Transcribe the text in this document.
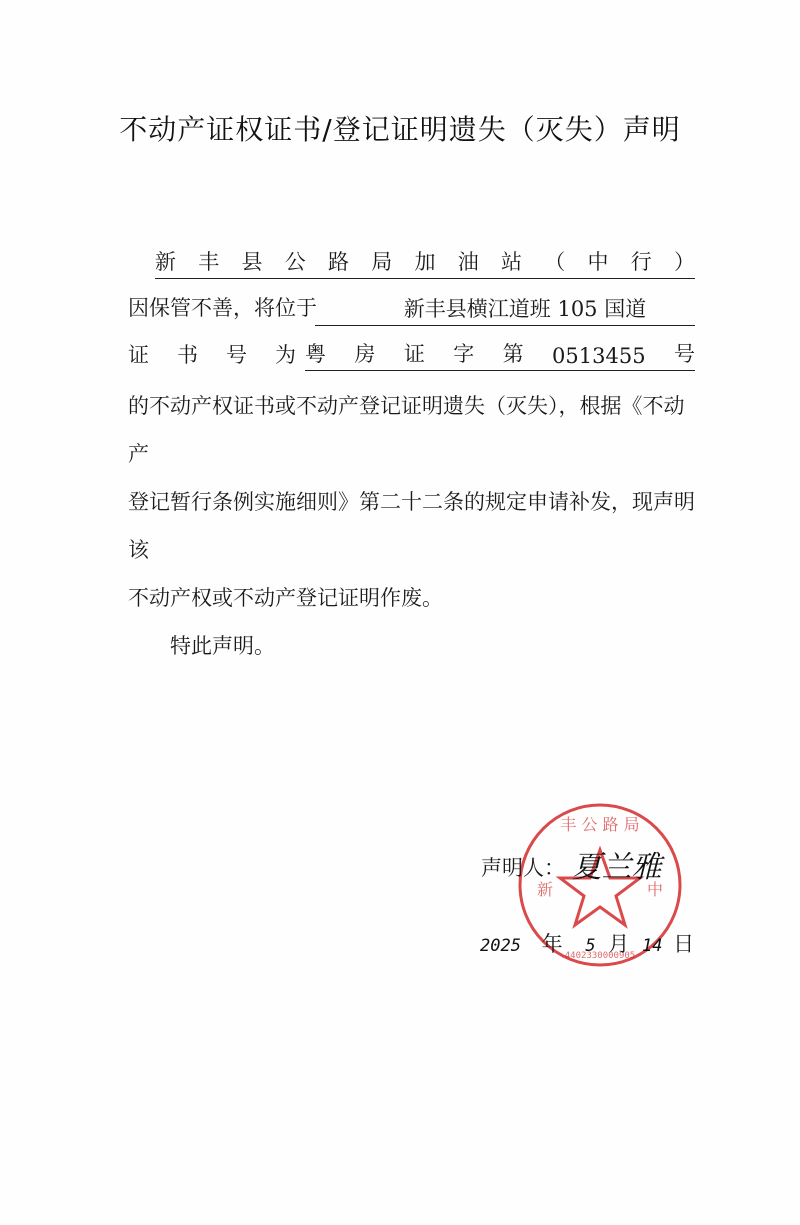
不动产证权证书/登记证明遗失（灭失）声明
新 丰 县 公 路 局 加 油 站 （ 中 行 ）
因保管不善，将位于	新丰县横江道班 105 国道
证 书 号 为 粤 房 证 字 第 0513455 号

的不动产权证书或不动产登记证明遗失（灭失），根据《不动产

登记暂行条例实施细则》第二十二条的规定申请补发，现声明该

不动产权或不动产登记证明作废。

特此声明。

丰 公 路 局
中
新
4402330000905
声明人： 夏兰雅
2025 年 5 月 14 日
